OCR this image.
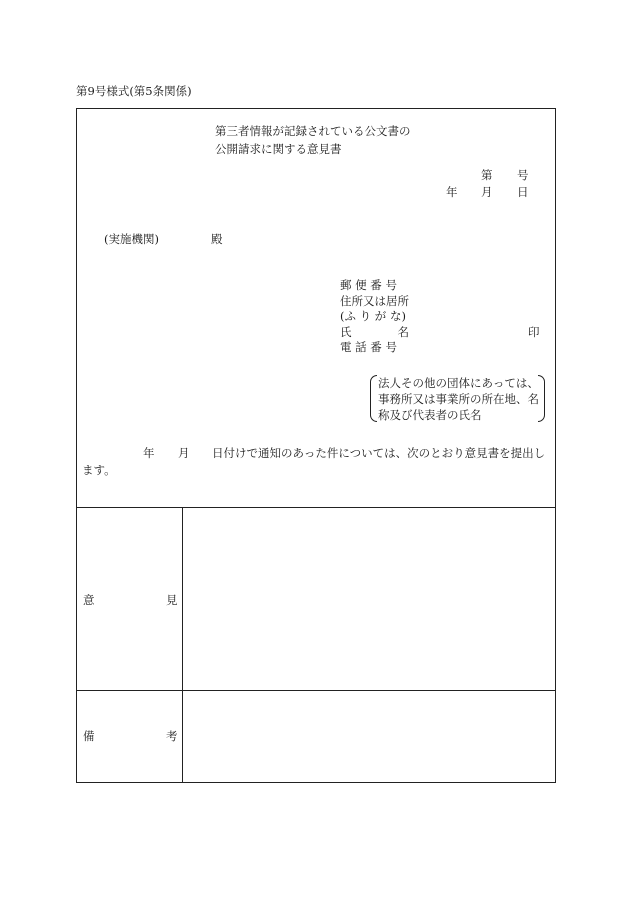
第9号様式(第5条関係)
第三者情報が記録されている公文書の
公開請求に関する意見書
第 号
年 月 日
(実施機関)	殿
郵 便 番 号
住所又は居所
(ふ り が な)
氏　　　　名	印
電 話 番 号
法人その他の団体にあっては、
事務所又は事業所の所在地、名
称及び代表者の氏名
年 月 日付けで通知のあった件については、次のとおり意見書を提出し
ます。
意	見
備	考
